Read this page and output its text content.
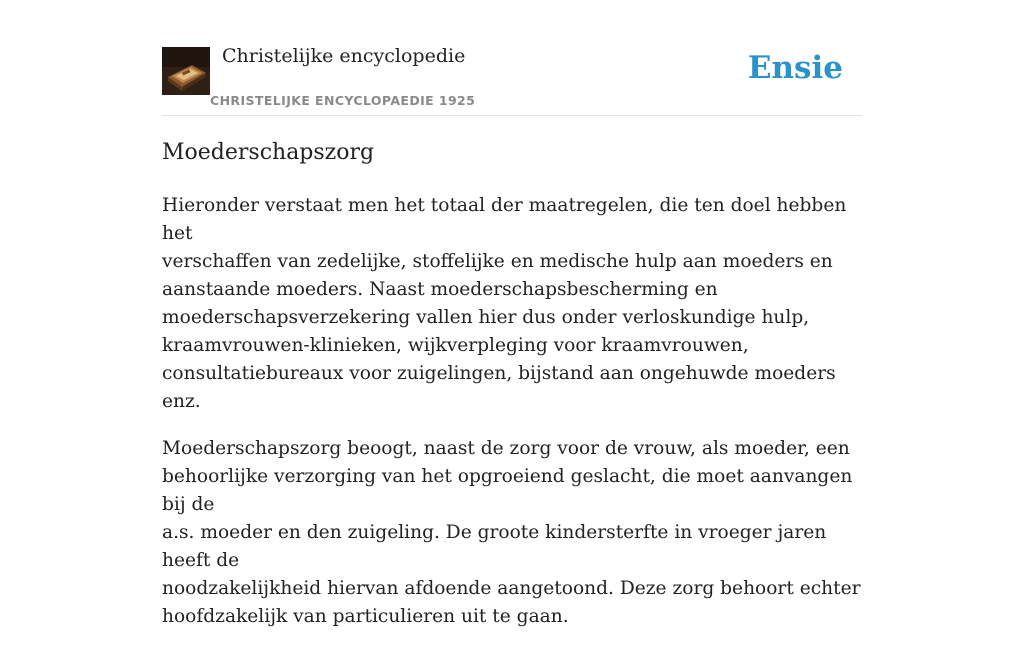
Christelijke encyclopedie
CHRISTELIJKE ENCYCLOPAEDIE 1925
Ensie
Moederschapszorg

Hieronder verstaat men het totaal der maatregelen, die ten doel hebben het
verschaffen van zedelijke, stoffelijke en medische hulp aan moeders en
aanstaande moeders. Naast moederschapsbescherming en
moederschapsverzekering vallen hier dus onder verloskundige hulp,
kraamvrouwen-klinieken, wijkverpleging voor kraamvrouwen,
consultatiebureaux voor zuigelingen, bijstand aan ongehuwde moeders enz.

Moederschapszorg beoogt, naast de zorg voor de vrouw, als moeder, een
behoorlijke verzorging van het opgroeiend geslacht, die moet aanvangen bij de
a.s. moeder en den zuigeling. De groote kindersterfte in vroeger jaren heeft de
noodzakelijkheid hiervan afdoende aangetoond. Deze zorg behoort echter
hoofdzakelijk van particulieren uit te gaan.
